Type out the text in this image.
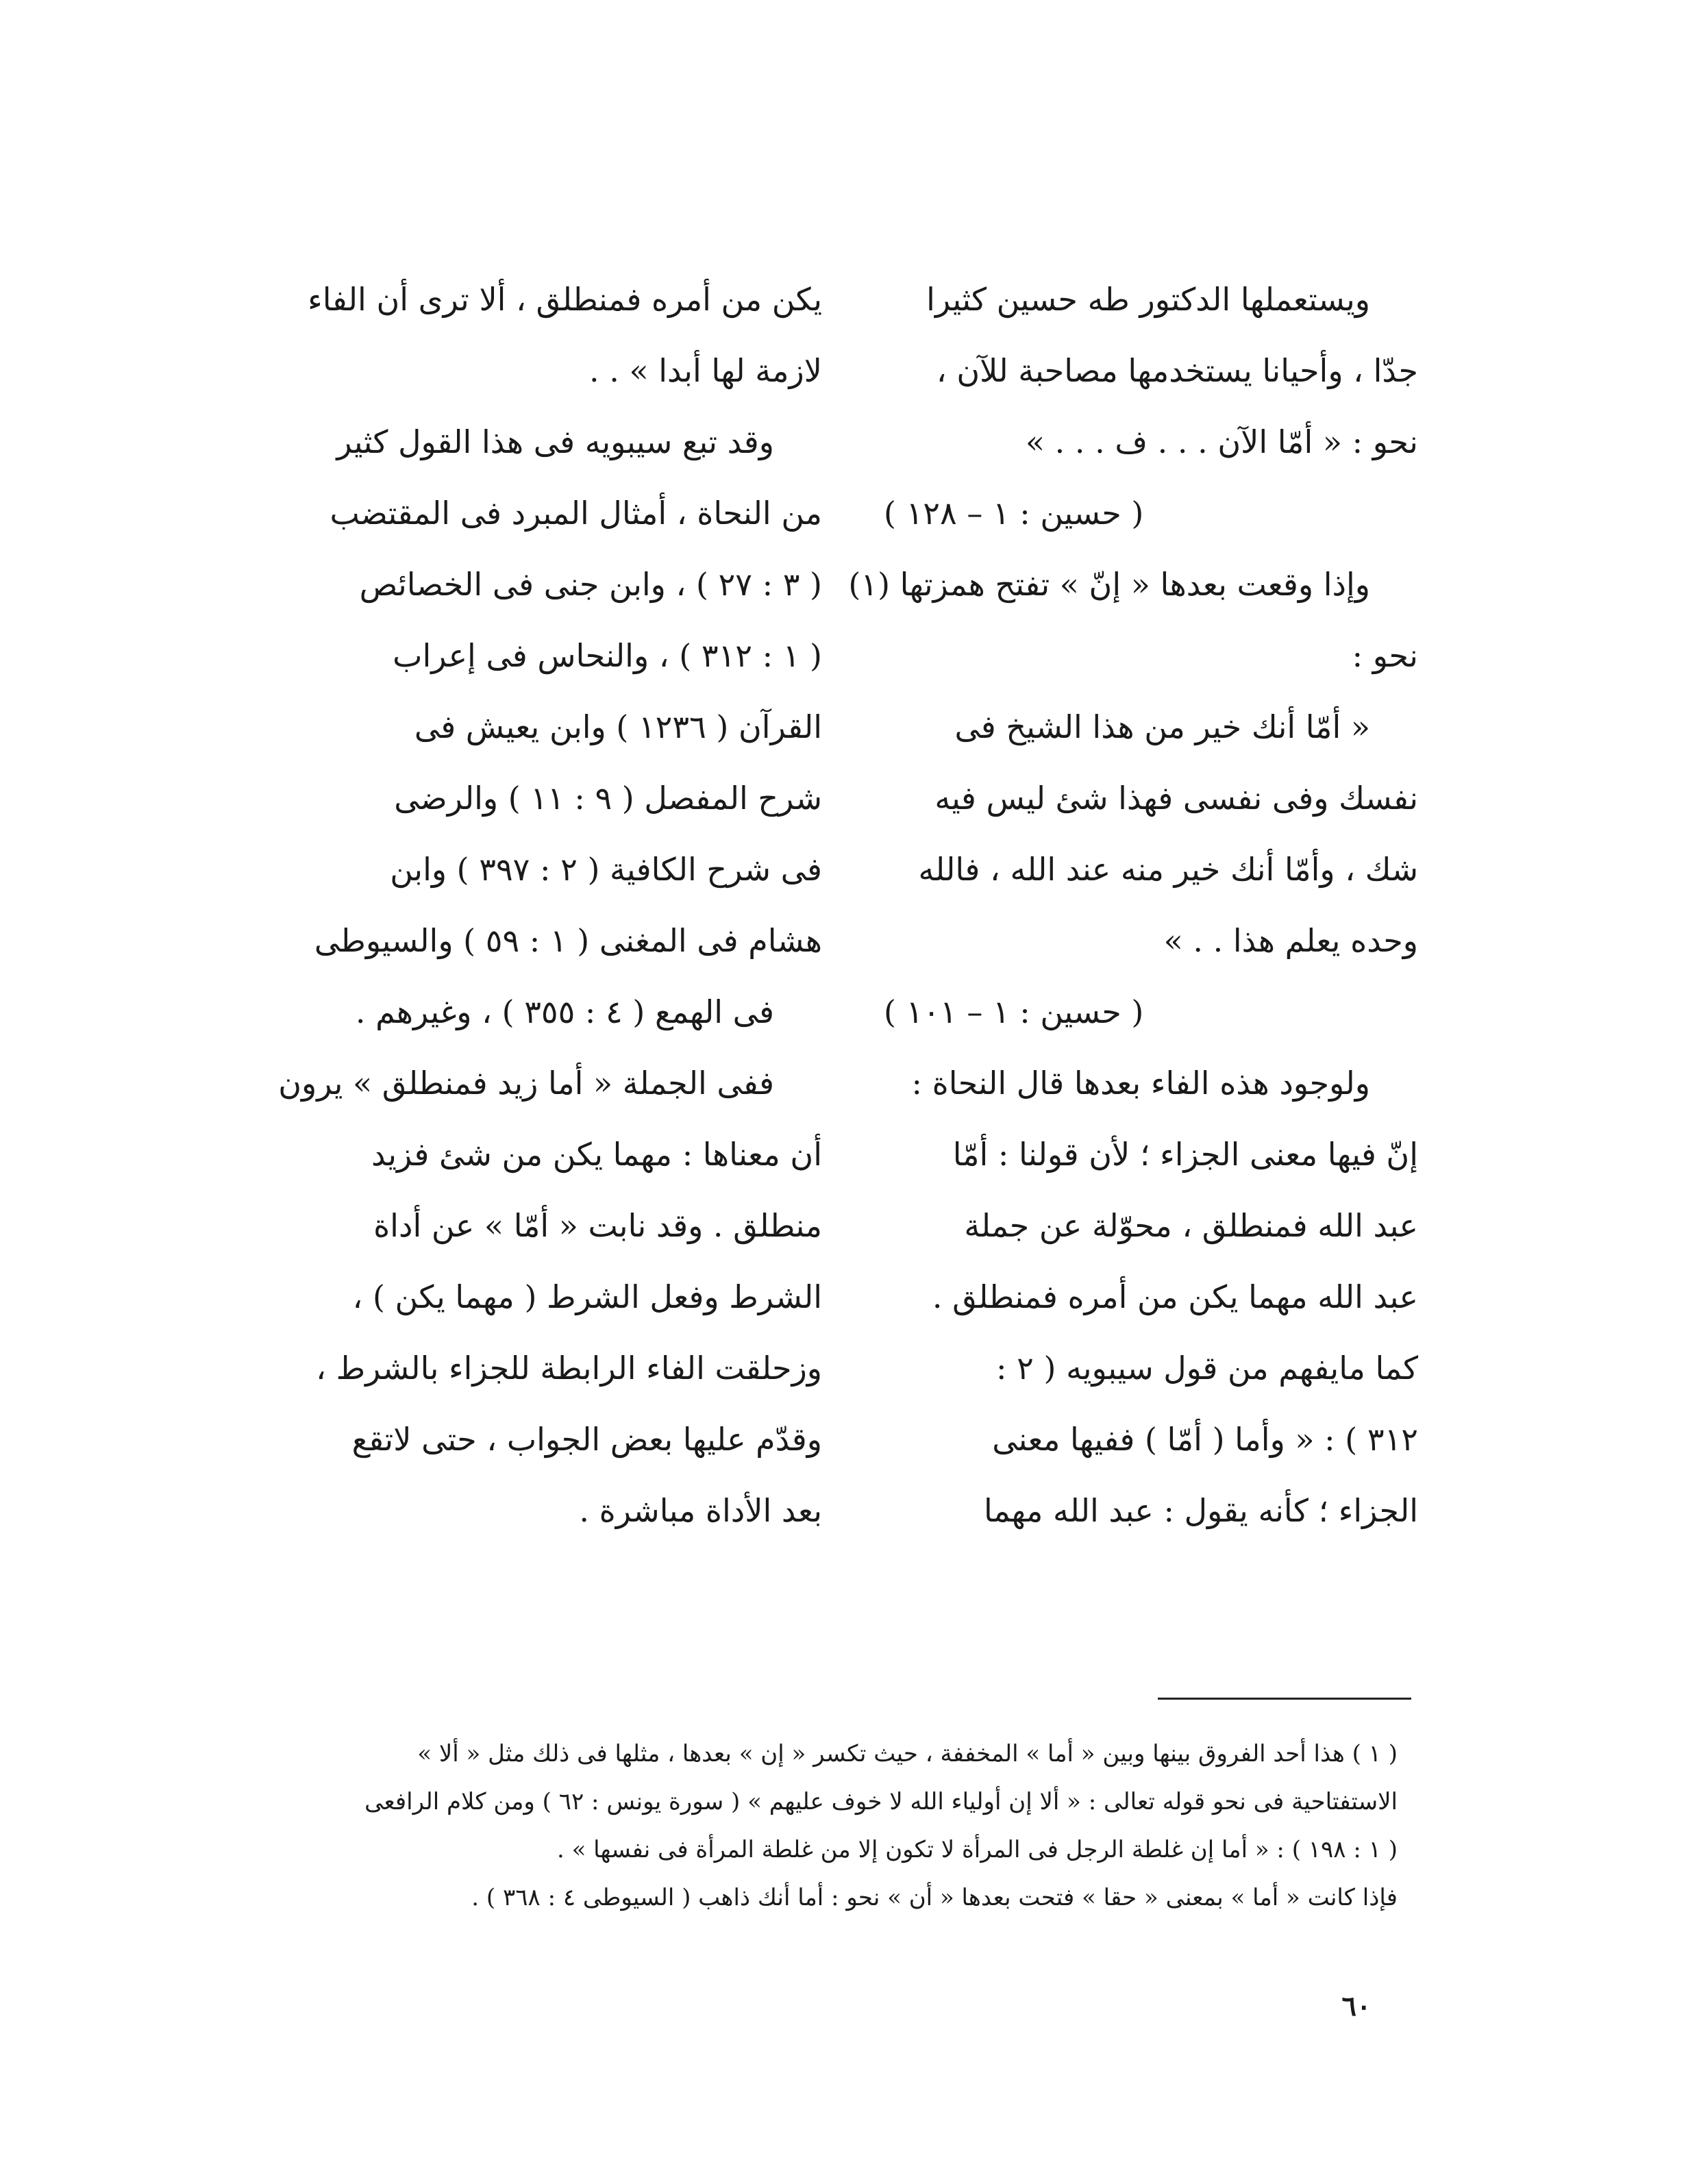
ويستعملها الدكتور طه حسين كثيرا
جدّا ، وأحيانا يستخدمها مصاحبة للآن ،
نحو : « أمّا الآن . . . ف . . . »
( حسين : ١ – ١٢٨ )
وإذا وقعت بعدها « إنّ » تفتح همزتها (١)
نحو :
« أمّا أنك خير من هذا الشيخ فى
نفسك وفى نفسى فهذا شئ ليس فيه
شك ، وأمّا أنك خير منه عند الله ، فالله
وحده يعلم هذا . . »
( حسين : ١ – ١٠١ )
ولوجود هذه الفاء بعدها قال النحاة :
إنّ فيها معنى الجزاء ؛ لأن قولنا : أمّا
عبد الله فمنطلق ، محوّلة عن جملة
عبد الله مهما يكن من أمره فمنطلق .
كما مايفهم من قول سيبويه ( ٢ :
٣١٢ ) : « وأما ( أمّا ) ففيها معنى
الجزاء ؛ كأنه يقول : عبد الله مهما
يكن من أمره فمنطلق ، ألا ترى أن الفاء
لازمة لها أبدا » . .
وقد تبع سيبويه فى هذا القول كثير
من النحاة ، أمثال المبرد فى المقتضب
( ٣ : ٢٧ ) ، وابن جنى فى الخصائص
( ١ : ٣١٢ ) ، والنحاس فى إعراب
القرآن ( ١٢٣٦ ) وابن يعيش فى
شرح المفصل ( ٩ : ١١ ) والرضى
فى شرح الكافية ( ٢ : ٣٩٧ ) وابن
هشام فى المغنى ( ١ : ٥٩ ) والسيوطى
فى الهمع ( ٤ : ٣٥٥ ) ، وغيرهم .
ففى الجملة « أما زيد فمنطلق » يرون
أن معناها : مهما يكن من شئ فزيد
منطلق . وقد نابت « أمّا » عن أداة
الشرط وفعل الشرط ( مهما يكن ) ،
وزحلقت الفاء الرابطة للجزاء بالشرط ،
وقدّم عليها بعض الجواب ، حتى لاتقع
بعد الأداة مباشرة .
( ١ ) هذا أحد الفروق بينها وبين « أما » المخففة ، حيث تكسر « إن » بعدها ، مثلها فى ذلك مثل « ألا »
الاستفتاحية فى نحو قوله تعالى : « ألا إن أولياء الله لا خوف عليهم » ( سورة يونس : ٦٢ ) ومن كلام الرافعى
( ١ : ١٩٨ ) : « أما إن غلطة الرجل فى المرأة لا تكون إلا من غلطة المرأة فى نفسها » .
فإذا كانت « أما » بمعنى « حقا » فتحت بعدها « أن » نحو : أما أنك ذاهب ( السيوطى ٤ : ٣٦٨ ) .
٦٠
